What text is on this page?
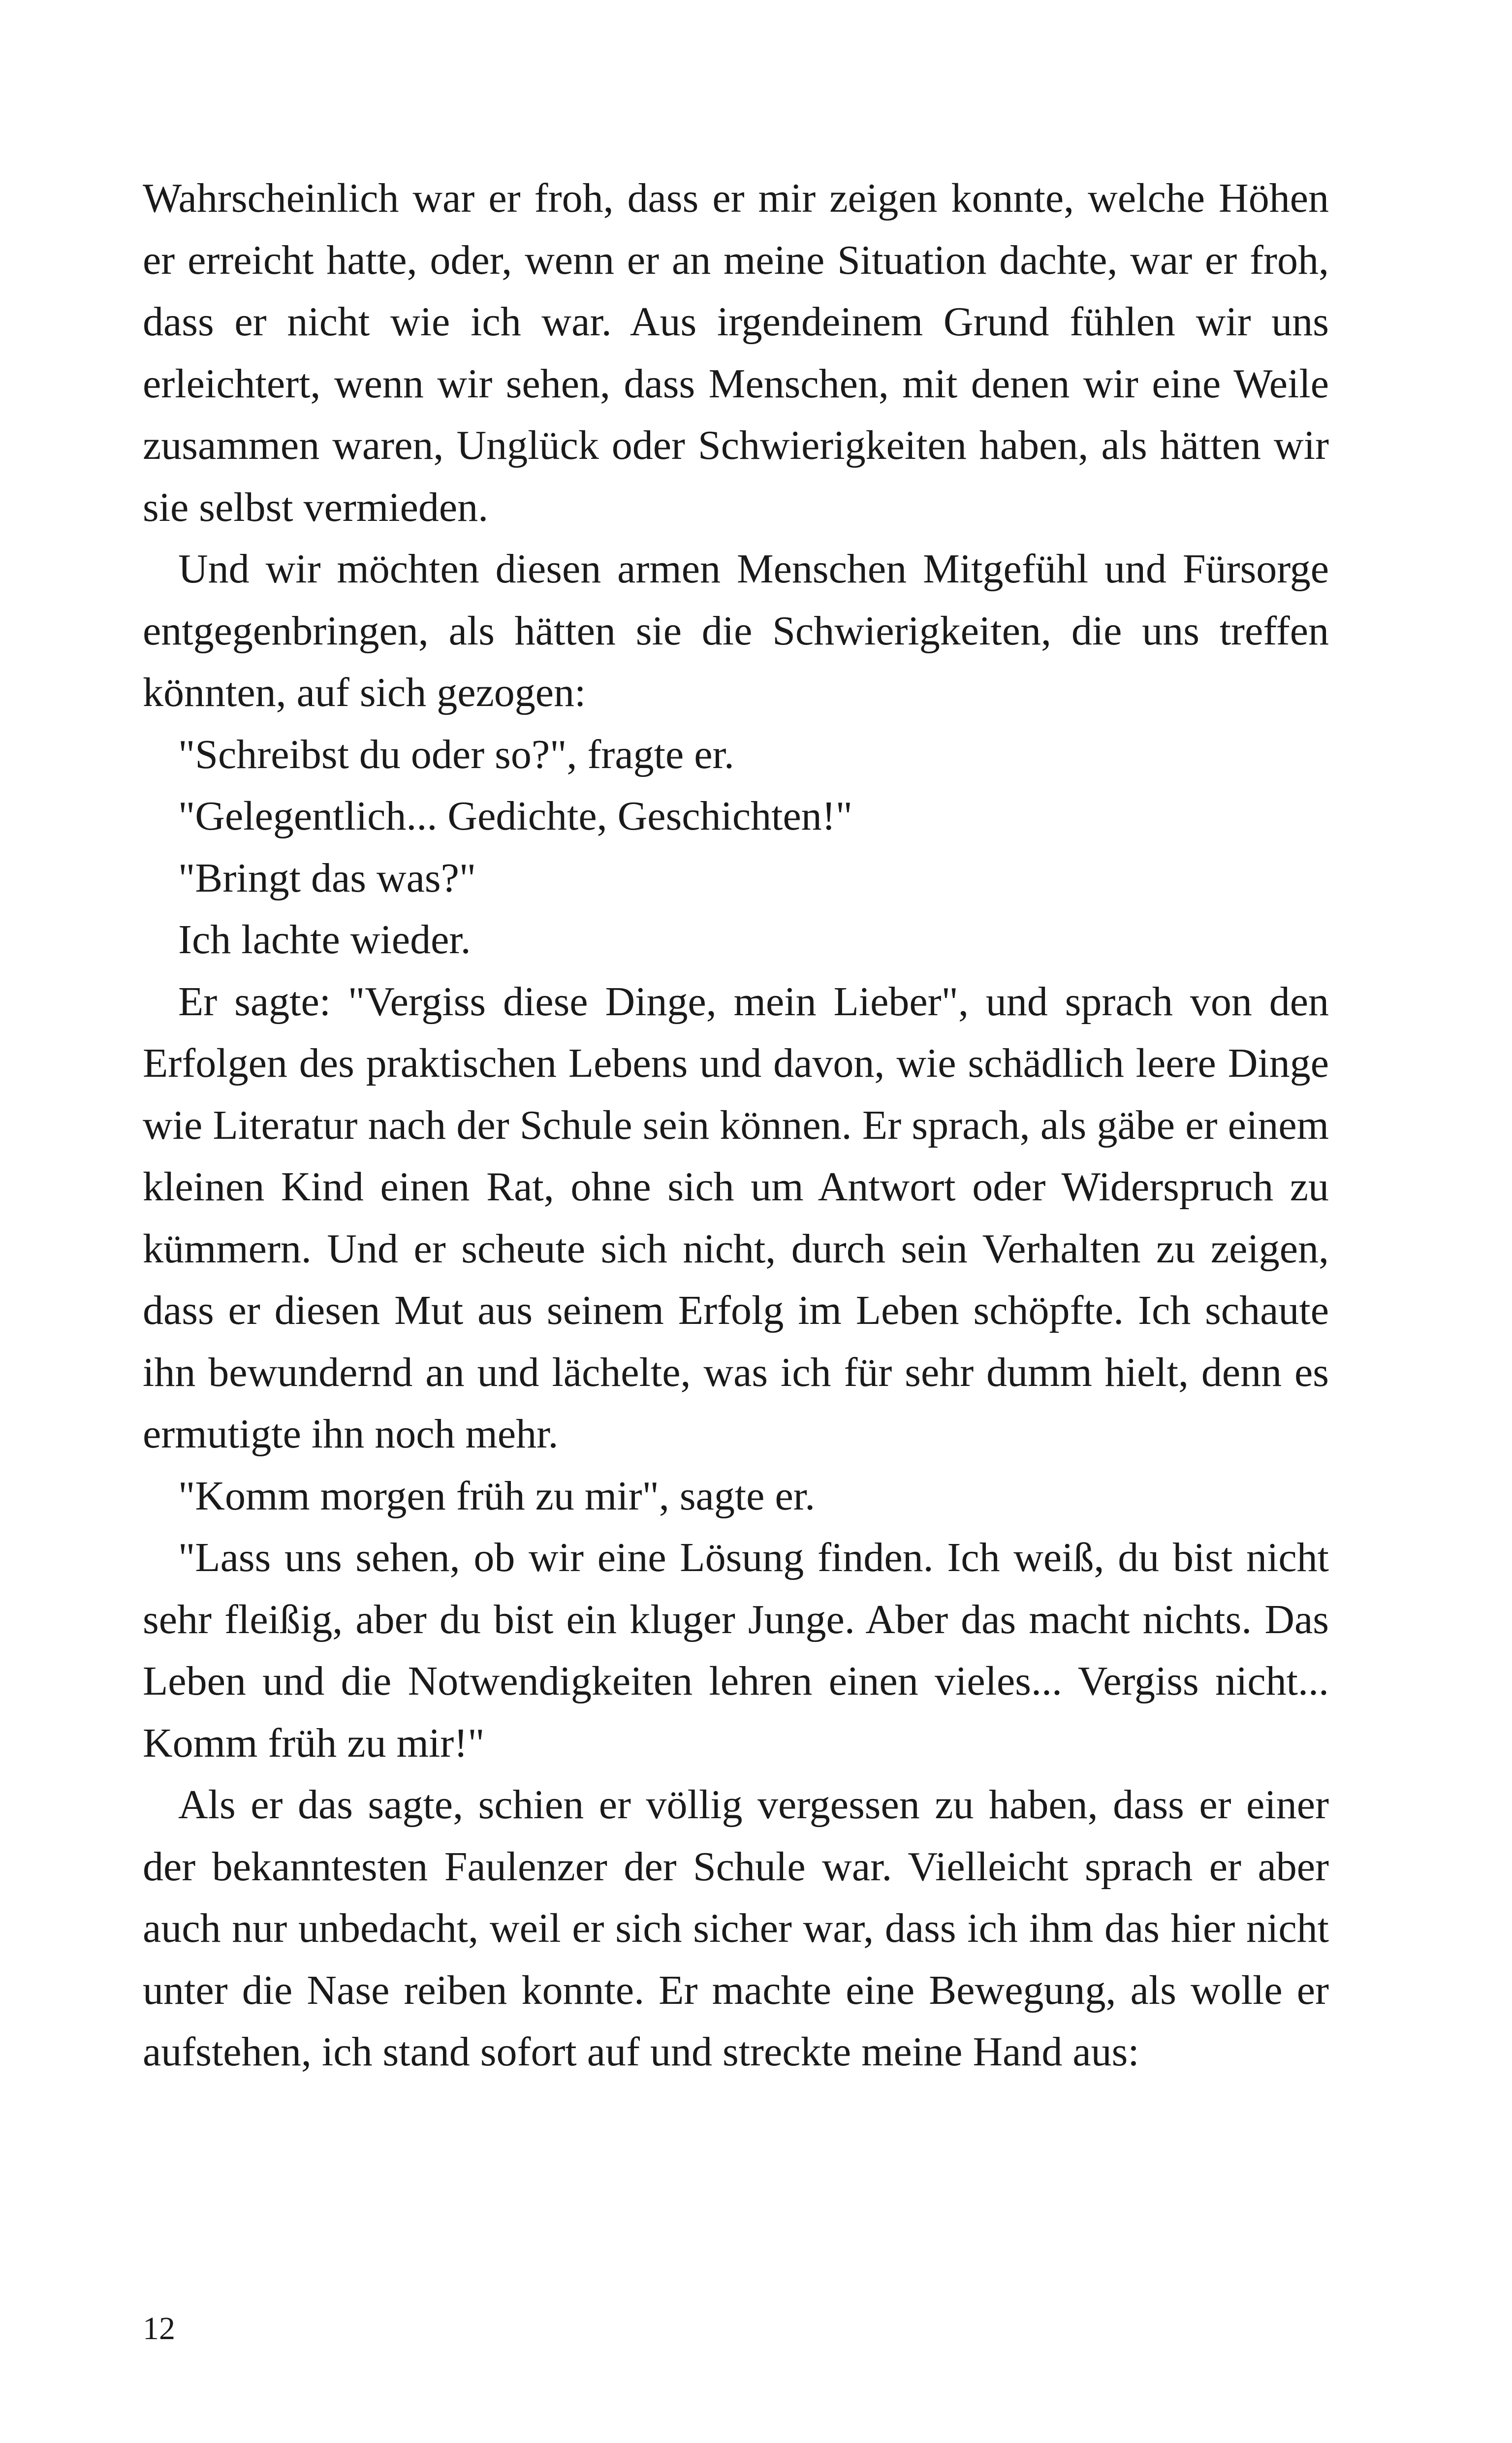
Wahrscheinlich war er froh, dass er mir zeigen konnte, welche Höhen er erreicht hatte, oder, wenn er an meine Situation dachte, war er froh, dass er nicht wie ich war. Aus irgendeinem Grund fühlen wir uns erleichtert, wenn wir sehen, dass Menschen, mit denen wir eine Weile zusammen waren, Unglück oder Schwierigkeiten haben, als hätten wir sie selbst vermieden.

Und wir möchten diesen armen Menschen Mitgefühl und Fürsorge entgegenbringen, als hätten sie die Schwierigkeiten, die uns treffen könnten, auf sich gezogen:

"Schreibst du oder so?", fragte er.

"Gelegentlich... Gedichte, Geschichten!"

"Bringt das was?"

Ich lachte wieder.

Er sagte: "Vergiss diese Dinge, mein Lieber", und sprach von den Erfolgen des praktischen Lebens und davon, wie schädlich leere Dinge wie Literatur nach der Schule sein können. Er sprach, als gäbe er einem kleinen Kind einen Rat, ohne sich um Antwort oder Widerspruch zu kümmern. Und er scheute sich nicht, durch sein Verhalten zu zeigen, dass er diesen Mut aus seinem Erfolg im Leben schöpfte. Ich schaute ihn bewundernd an und lächelte, was ich für sehr dumm hielt, denn es ermutigte ihn noch mehr.

"Komm morgen früh zu mir", sagte er.

"Lass uns sehen, ob wir eine Lösung finden. Ich weiß, du bist nicht sehr fleißig, aber du bist ein kluger Junge. Aber das macht nichts. Das Leben und die Notwendigkeiten lehren einen vieles... Vergiss nicht... Komm früh zu mir!"

Als er das sagte, schien er völlig vergessen zu haben, dass er einer der bekanntesten Faulenzer der Schule war. Vielleicht sprach er aber auch nur unbedacht, weil er sich sicher war, dass ich ihm das hier nicht unter die Nase reiben konnte. Er machte eine Bewegung, als wolle er aufstehen, ich stand sofort auf und streckte meine Hand aus:

12
